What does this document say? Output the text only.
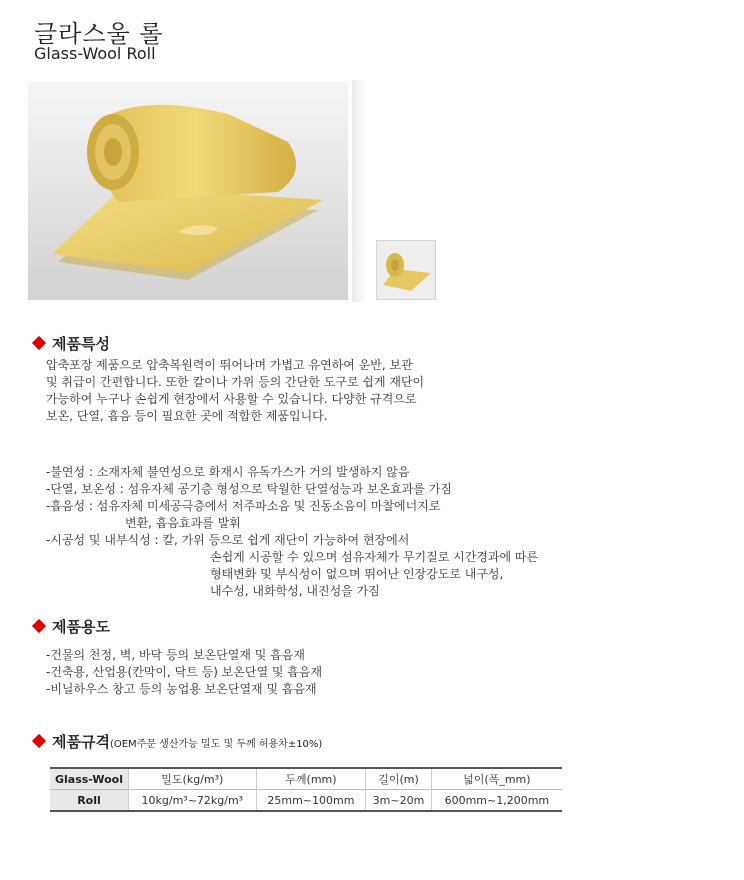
글라스울 롤
Glass-Wool Roll
제품특성
압축포장 제품으로 압축복원력이 뛰어나며 가볍고 유연하여 운반, 보관
및 취급이 간편합니다. 또한 칼이나 가위 등의 간단한 도구로 쉽게 재단이
가능하여 누구나 손쉽게 현장에서 사용할 수 있습니다. 다양한 규격으로
보온, 단열, 흡음 등이 필요한 곳에 적합한 제품입니다.
-불연성 : 소재자체 불연성으로 화재시 유독가스가 거의 발생하지 않음
-단열, 보온성 : 섬유자체 공기층 형성으로 탁월한 단열성능과 보온효과를 가짐
-흡음성 : 섬유자체 미세공극층에서 저주파소음 및 진동소음이 마찰에너지로
변환, 흡음효과를 발휘
-시공성 및 내부식성 : 칼, 가위 등으로 쉽게 재단이 가능하여 현장에서
손쉽게 시공할 수 있으며 섬유자체가 무기질로 시간경과에 따른
형태변화 및 부식성이 없으며 뛰어난 인장강도로 내구성,
내수성, 내화학성, 내진성을 가짐
제품용도
-건물의 천정, 벽, 바닥 등의 보온단열재 및 흡음재
-건축용, 산업용(칸막이, 닥트 등) 보온단열 및 흡음재
-비닐하우스 창고 등의 농업용 보온단열재 및 흡음재
제품규격(OEM주문 생산가능 밀도 및 두께 허용차±10%)
Glass-Wool	밀도(kg/m³)	두께(mm)	길이(m)	넓이(폭_mm)
Roll	10kg/m³~72kg/m³	25mm~100mm	3m~20m	600mm~1,200mm
